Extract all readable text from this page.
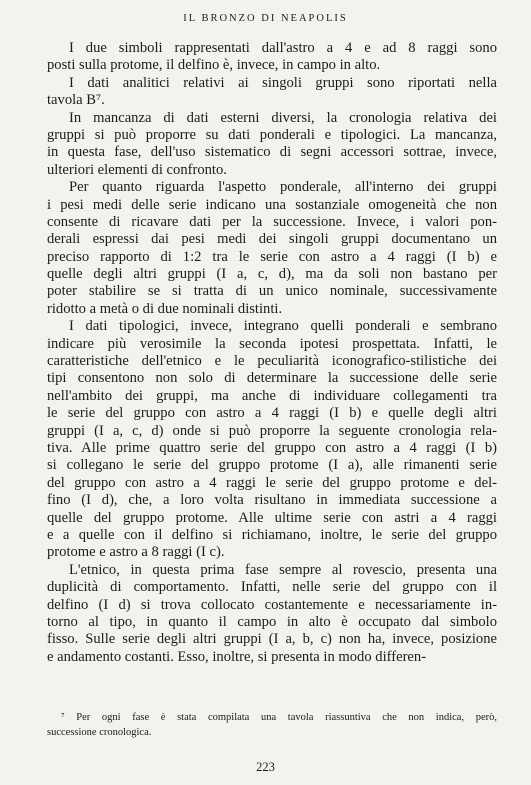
IL BRONZO DI NEAPOLIS
I due simboli rappresentati dall'astro a 4 e ad 8 raggi sono
posti sulla protome, il delfino è, invece, in campo in alto.
I dati analitici relativi ai singoli gruppi sono riportati nella
tavola B⁷.
In mancanza di dati esterni diversi, la cronologia relativa dei
gruppi si può proporre su dati ponderali e tipologici. La mancanza,
in questa fase, dell'uso sistematico di segni accessori sottrae, invece,
ulteriori elementi di confronto.
Per quanto riguarda l'aspetto ponderale, all'interno dei gruppi
i pesi medi delle serie indicano una sostanziale omogeneità che non
consente di ricavare dati per la successione. Invece, i valori pon-
derali espressi dai pesi medi dei singoli gruppi documentano un
preciso rapporto di 1:2 tra le serie con astro a 4 raggi (I b) e
quelle degli altri gruppi (I a, c, d), ma da soli non bastano per
poter stabilire se si tratta di un unico nominale, successivamente
ridotto a metà o di due nominali distinti.
I dati tipologici, invece, integrano quelli ponderali e sembrano
indicare più verosimile la seconda ipotesi prospettata. Infatti, le
caratteristiche dell'etnico e le peculiarità iconografico-stilistiche dei
tipi consentono non solo di determinare la successione delle serie
nell'ambito dei gruppi, ma anche di individuare collegamenti tra
le serie del gruppo con astro a 4 raggi (I b) e quelle degli altri
gruppi (I a, c, d) onde si può proporre la seguente cronologia rela-
tiva. Alle prime quattro serie del gruppo con astro a 4 raggi (I b)
si collegano le serie del gruppo protome (I a), alle rimanenti serie
del gruppo con astro a 4 raggi le serie del gruppo protome e del-
fino (I d), che, a loro volta risultano in immediata successione a
quelle del gruppo protome. Alle ultime serie con astri a 4 raggi
e a quelle con il delfino si richiamano, inoltre, le serie del gruppo
protome e astro a 8 raggi (I c).
L'etnico, in questa prima fase sempre al rovescio, presenta una
duplicità di comportamento. Infatti, nelle serie del gruppo con il
delfino (I d) si trova collocato costantemente e necessariamente in-
torno al tipo, in quanto il campo in alto è occupato dal simbolo
fisso. Sulle serie degli altri gruppi (I a, b, c) non ha, invece, posizione
e andamento costanti. Esso, inoltre, si presenta in modo differen-
⁷ Per ogni fase è stata compilata una tavola riassuntiva che non indica, però,
successione cronologica.
223
